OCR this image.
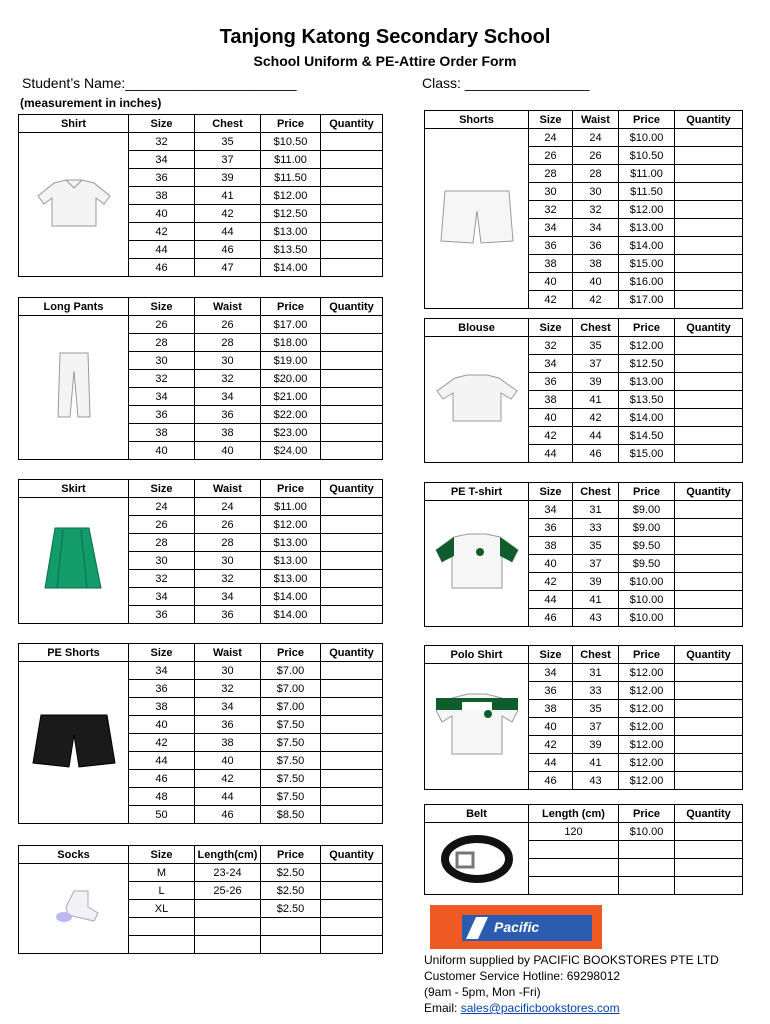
Tanjong Katong Secondary School
School Uniform & PE-Attire Order Form
Student’s Name:______________________	Class: ________________
(measurement in inches)
Shirt	Size	Chest	Price	Quantity
	32	35	$10.50	
	34	37	$11.00	
	36	39	$11.50	
	38	41	$12.00	
	40	42	$12.50	
	42	44	$13.00	
	44	46	$13.50	
	46	47	$14.00	
Long Pants	Size	Waist	Price	Quantity
	26	26	$17.00	
	28	28	$18.00	
	30	30	$19.00	
	32	32	$20.00	
	34	34	$21.00	
	36	36	$22.00	
	38	38	$23.00	
	40	40	$24.00	
Skirt	Size	Waist	Price	Quantity
	24	24	$11.00	
	26	26	$12.00	
	28	28	$13.00	
	30	30	$13.00	
	32	32	$13.00	
	34	34	$14.00	
	36	36	$14.00	
PE Shorts	Size	Waist	Price	Quantity
	34	30	$7.00	
	36	32	$7.00	
	38	34	$7.00	
	40	36	$7.50	
	42	38	$7.50	
	44	40	$7.50	
	46	42	$7.50	
	48	44	$7.50	
	50	46	$8.50	
Socks	Size	Length(cm)	Price	Quantity
	M	23-24	$2.50	
	L	25-26	$2.50	
	XL		$2.50	

Shorts	Size	Waist	Price	Quantity
	24	24	$10.00	
	26	26	$10.50	
	28	28	$11.00	
	30	30	$11.50	
	32	32	$12.00	
	34	34	$13.00	
	36	36	$14.00	
	38	38	$15.00	
	40	40	$16.00	
	42	42	$17.00	
Blouse	Size	Chest	Price	Quantity
	32	35	$12.00	
	34	37	$12.50	
	36	39	$13.00	
	38	41	$13.50	
	40	42	$14.00	
	42	44	$14.50	
	44	46	$15.00	
PE T-shirt	Size	Chest	Price	Quantity
	34	31	$9.00	
	36	33	$9.00	
	38	35	$9.50	
	40	37	$9.50	
	42	39	$10.00	
	44	41	$10.00	
	46	43	$10.00	
Polo Shirt	Size	Chest	Price	Quantity
	34	31	$12.00	
	36	33	$12.00	
	38	35	$12.00	
	40	37	$12.00	
	42	39	$12.00	
	44	41	$12.00	
	46	43	$12.00	
Belt	Length (cm)	Price	Quantity
	120	$10.00	

Pacific
Uniform supplied by PACIFIC BOOKSTORES PTE LTD
Customer Service Hotline: 69298012
(9am - 5pm, Mon -Fri)
Email: sales@pacificbookstores.com
